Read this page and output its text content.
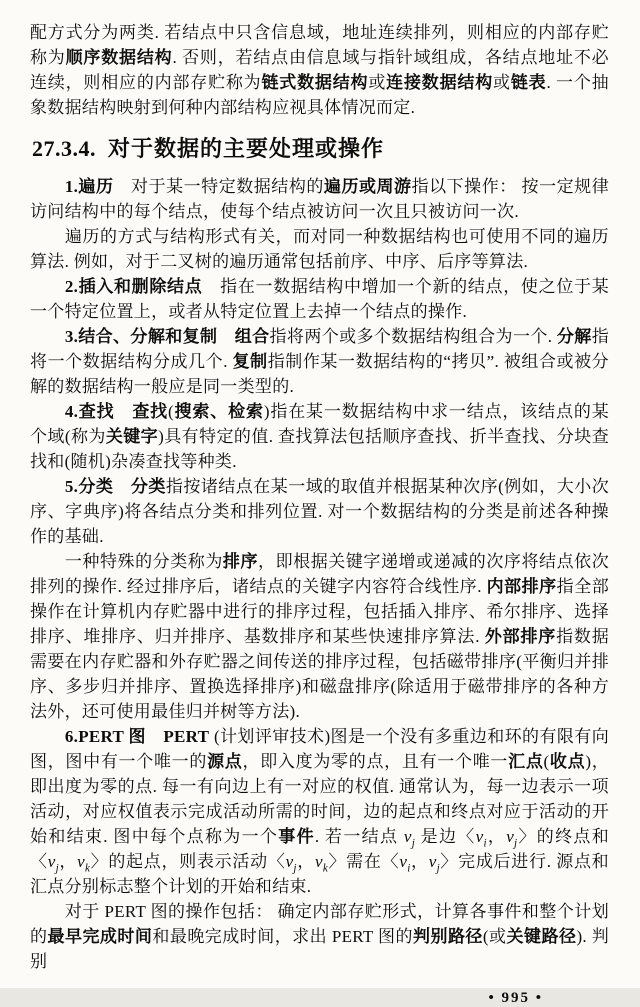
配方式分为两类. 若结点中只含信息域，地址连续排列，则相应的内部存贮称为顺序数据结构. 否则，若结点由信息域与指针域组成，各结点地址不必连续，则相应的内部存贮称为链式数据结构或连接数据结构或链表. 一个抽象数据结构映射到何种内部结构应视具体情况而定.

27.3.4. 对于数据的主要处理或操作

1.遍历　对于某一特定数据结构的遍历或周游指以下操作： 按一定规律访问结构中的每个结点，使每个结点被访问一次且只被访问一次.

遍历的方式与结构形式有关，而对同一种数据结构也可使用不同的遍历算法. 例如，对于二叉树的遍历通常包括前序、中序、后序等算法.

2.插入和删除结点　指在一数据结构中增加一个新的结点，使之位于某一个特定位置上，或者从特定位置上去掉一个结点的操作.

3.结合、分解和复制　 组合指将两个或多个数据结构组合为一个. 分解指将一个数据结构分成几个. 复制指制作某一数据结构的“拷贝”. 被组合或被分解的数据结构一般应是同一类型的.

4.查找　 查找(搜索、检索)指在某一数据结构中求一结点，该结点的某个域(称为关键字)具有特定的值. 查找算法包括顺序查找、折半查找、分块查找和(随机)杂凑查找等种类.

5.分类　 分类指按诸结点在某一域的取值并根据某种次序(例如，大小次序、字典序)将各结点分类和排列位置. 对一个数据结构的分类是前述各种操作的基础.

一种特殊的分类称为排序，即根据关键字递增或递减的次序将结点依次排列的操作. 经过排序后，诸结点的关键字内容符合线性序. 内部排序指全部操作在计算机内存贮器中进行的排序过程，包括插入排序、希尔排序、选择排序、堆排序、归并排序、基数排序和某些快速排序算法. 外部排序指数据需要在内存贮器和外存贮器之间传送的排序过程，包括磁带排序(平衡归并排序、多步归并排序、置换选择排序)和磁盘排序(除适用于磁带排序的各种方法外，还可使用最佳归并树等方法).

6.PERT 图　 PERT (计划评审技术)图是一个没有多重边和环的有限有向图，图中有一个唯一的源点，即入度为零的点，且有一个唯一汇点(收点)，即出度为零的点. 每一有向边上有一对应的权值. 通常认为，每一边表示一项活动，对应权值表示完成活动所需的时间，边的起点和终点对应于活动的开始和结束. 图中每个点称为一个事件. 若一结点 $v_j$ 是边〈$v_i$，$v_j$〉的终点和〈$v_j$，$v_k$〉的起点，则表示活动〈$v_j$，$v_k$〉需在〈$v_i$，$v_j$〉完成后进行. 源点和汇点分别标志整个计划的开始和结束.

对于 PERT 图的操作包括： 确定内部存贮形式，计算各事件和整个计划的最早完成时间和最晚完成时间，求出 PERT 图的判别路径(或关键路径). 判别

• 995 •
